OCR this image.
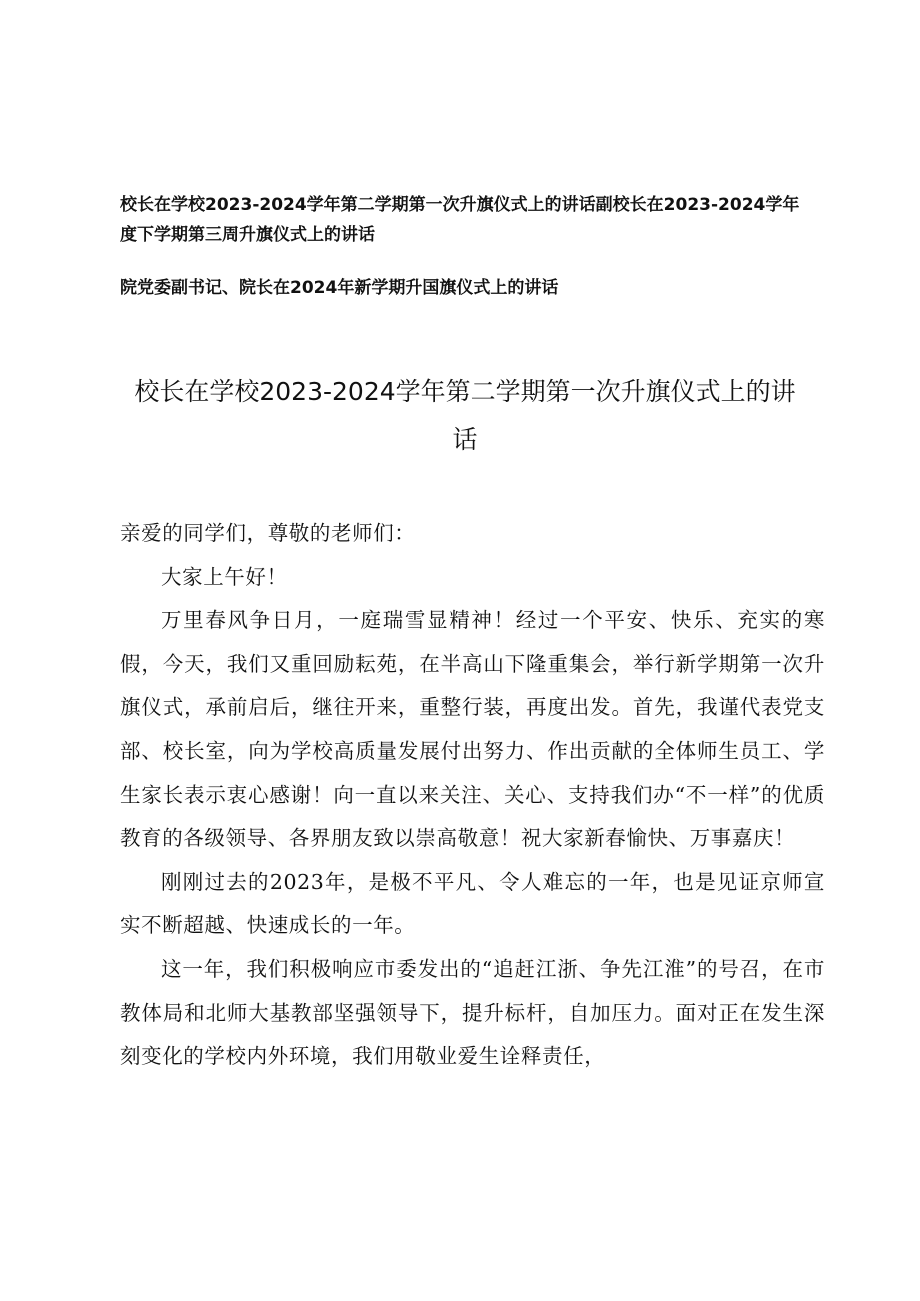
校长在学校2023-2024学年第二学期第一次升旗仪式上的讲话副校长在2023-2024学年度下学期第三周升旗仪式上的讲话

院党委副书记、院长在2024年新学期升国旗仪式上的讲话

校长在学校2023-2024学年第二学期第一次升旗仪式上的讲话

亲爱的同学们，尊敬的老师们：

大家上午好！

万里春风争日月，一庭瑞雪显精神！经过一个平安、快乐、充实的寒假，今天，我们又重回励耘苑，在半高山下隆重集会，举行新学期第一次升旗仪式，承前启后，继往开来，重整行装，再度出发。首先，我谨代表党支部、校长室，向为学校高质量发展付出努力、作出贡献的全体师生员工、学生家长表示衷心感谢！向一直以来关注、关心、支持我们办“不一样”的优质教育的各级领导、各界朋友致以崇高敬意！祝大家新春愉快、万事嘉庆！

刚刚过去的2023年，是极不平凡、令人难忘的一年，也是见证京师宣实不断超越、快速成长的一年。

这一年，我们积极响应市委发出的“追赶江浙、争先江淮”的号召，在市教体局和北师大基教部坚强领导下，提升标杆，自加压力。面对正在发生深刻变化的学校内外环境，我们用敬业爱生诠释责任，
